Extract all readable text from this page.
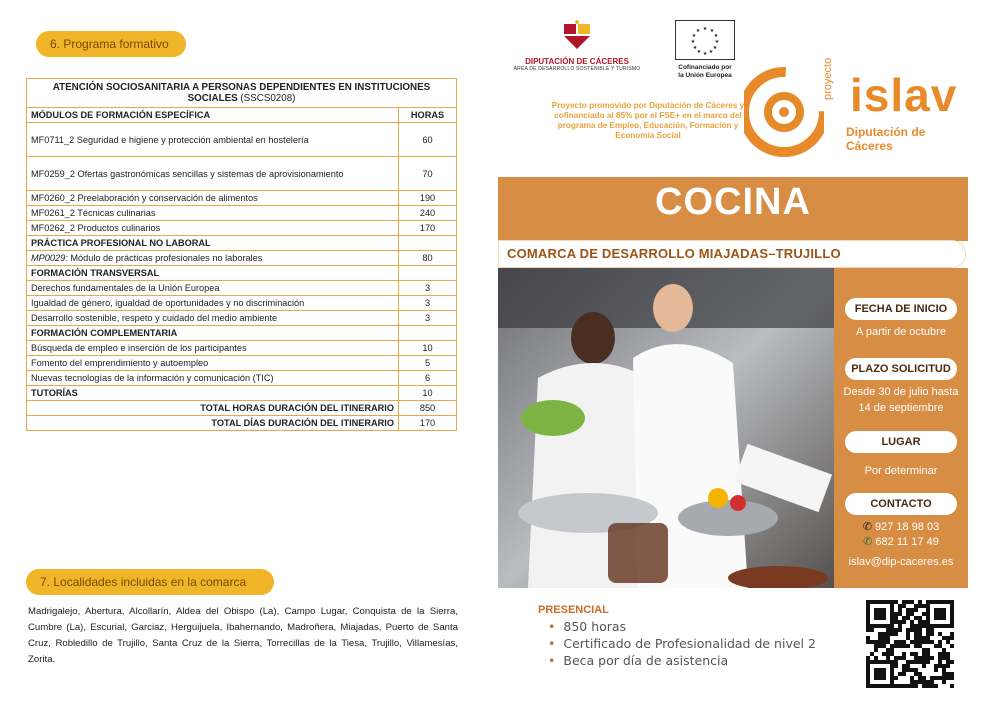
6. Programa formativo
ATENCIÓN SOCIOSANITARIA A PERSONAS DEPENDIENTES EN INSTITUCIONES SOCIALES (SSCS0208)	
MÓDULOS DE FORMACIÓN ESPECÍFICA	HORAS
MF0711_2 Seguridad e higiene y protección ambiental en hostelería	60
MF0259_2 Ofertas gastronómicas sencillas y sistemas de aprovisionamiento	70
MF0260_2 Preelaboración y conservación de alimentos	190
MF0261_2 Técnicas culinarias	240
MF0262_2 Productos culinarios	170
PRÁCTICA PROFESIONAL NO LABORAL	
MP0029: Módulo de prácticas profesionales no laborales	80
FORMACIÓN TRANSVERSAL	
Derechos fundamentales de la Unión Europea	3
Igualdad de género, igualdad de oportunidades y no discriminación	3
Desarrollo sostenible, respeto y cuidado del medio ambiente	3
FORMACIÓN COMPLEMENTARIA	
Búsqueda de empleo e inserción de los participantes	10
Fomento del emprendimiento y autoempleo	5
Nuevas tecnologías de la información y comunicación (TIC)	6
TUTORÍAS	10
TOTAL HORAS DURACIÓN DEL ITINERARIO	850
TOTAL DÍAS DURACIÓN DEL ITINERARIO	170
7. Localidades incluidas en la comarca
Madrigalejo, Abertura, Alcollarín, Aldea del Obispo (La), Campo Lugar, Conquista de la Sierra, Cumbre (La), Escurial, Garciaz, Herguijuela, Ibahernando, Madroñera, Miajadas, Puerto de Santa Cruz, Robledillo de Trujillo, Santa Cruz de la Sierra, Torrecillas de la Tiesa, Trujillo, Villamesías, Zorita.
DIPUTACIÓN DE CÁCERES
ÁREA DE DESARROLLO SOSTENIBLE Y TURISMO
★ ★
★
★
★
★
★
★
★
★
★
★
Cofinanciado por
la Unión Europea
Proyecto promovido por Diputación de Cáceres y cofinanciado al 85% por el FSE+ en el marco del programa de Empleo, Educación, Formación y Economía Social
proyecto islav
Diputación de Cáceres
COCINA
COMARCA DE DESARROLLO MIAJADAS–TRUJILLO
FECHA DE INICIO
A partir de octubre
PLAZO SOLICITUD
Desde 30 de julio hasta
14 de septiembre
LUGAR
Por determinar
CONTACTO
✆ 927 18 98 03
✆ 682 11 17 49
islav@dip-caceres.es
PRESENCIAL
• 850 horas
• Certificado de Profesionalidad de nivel 2
• Beca por día de asistencia
